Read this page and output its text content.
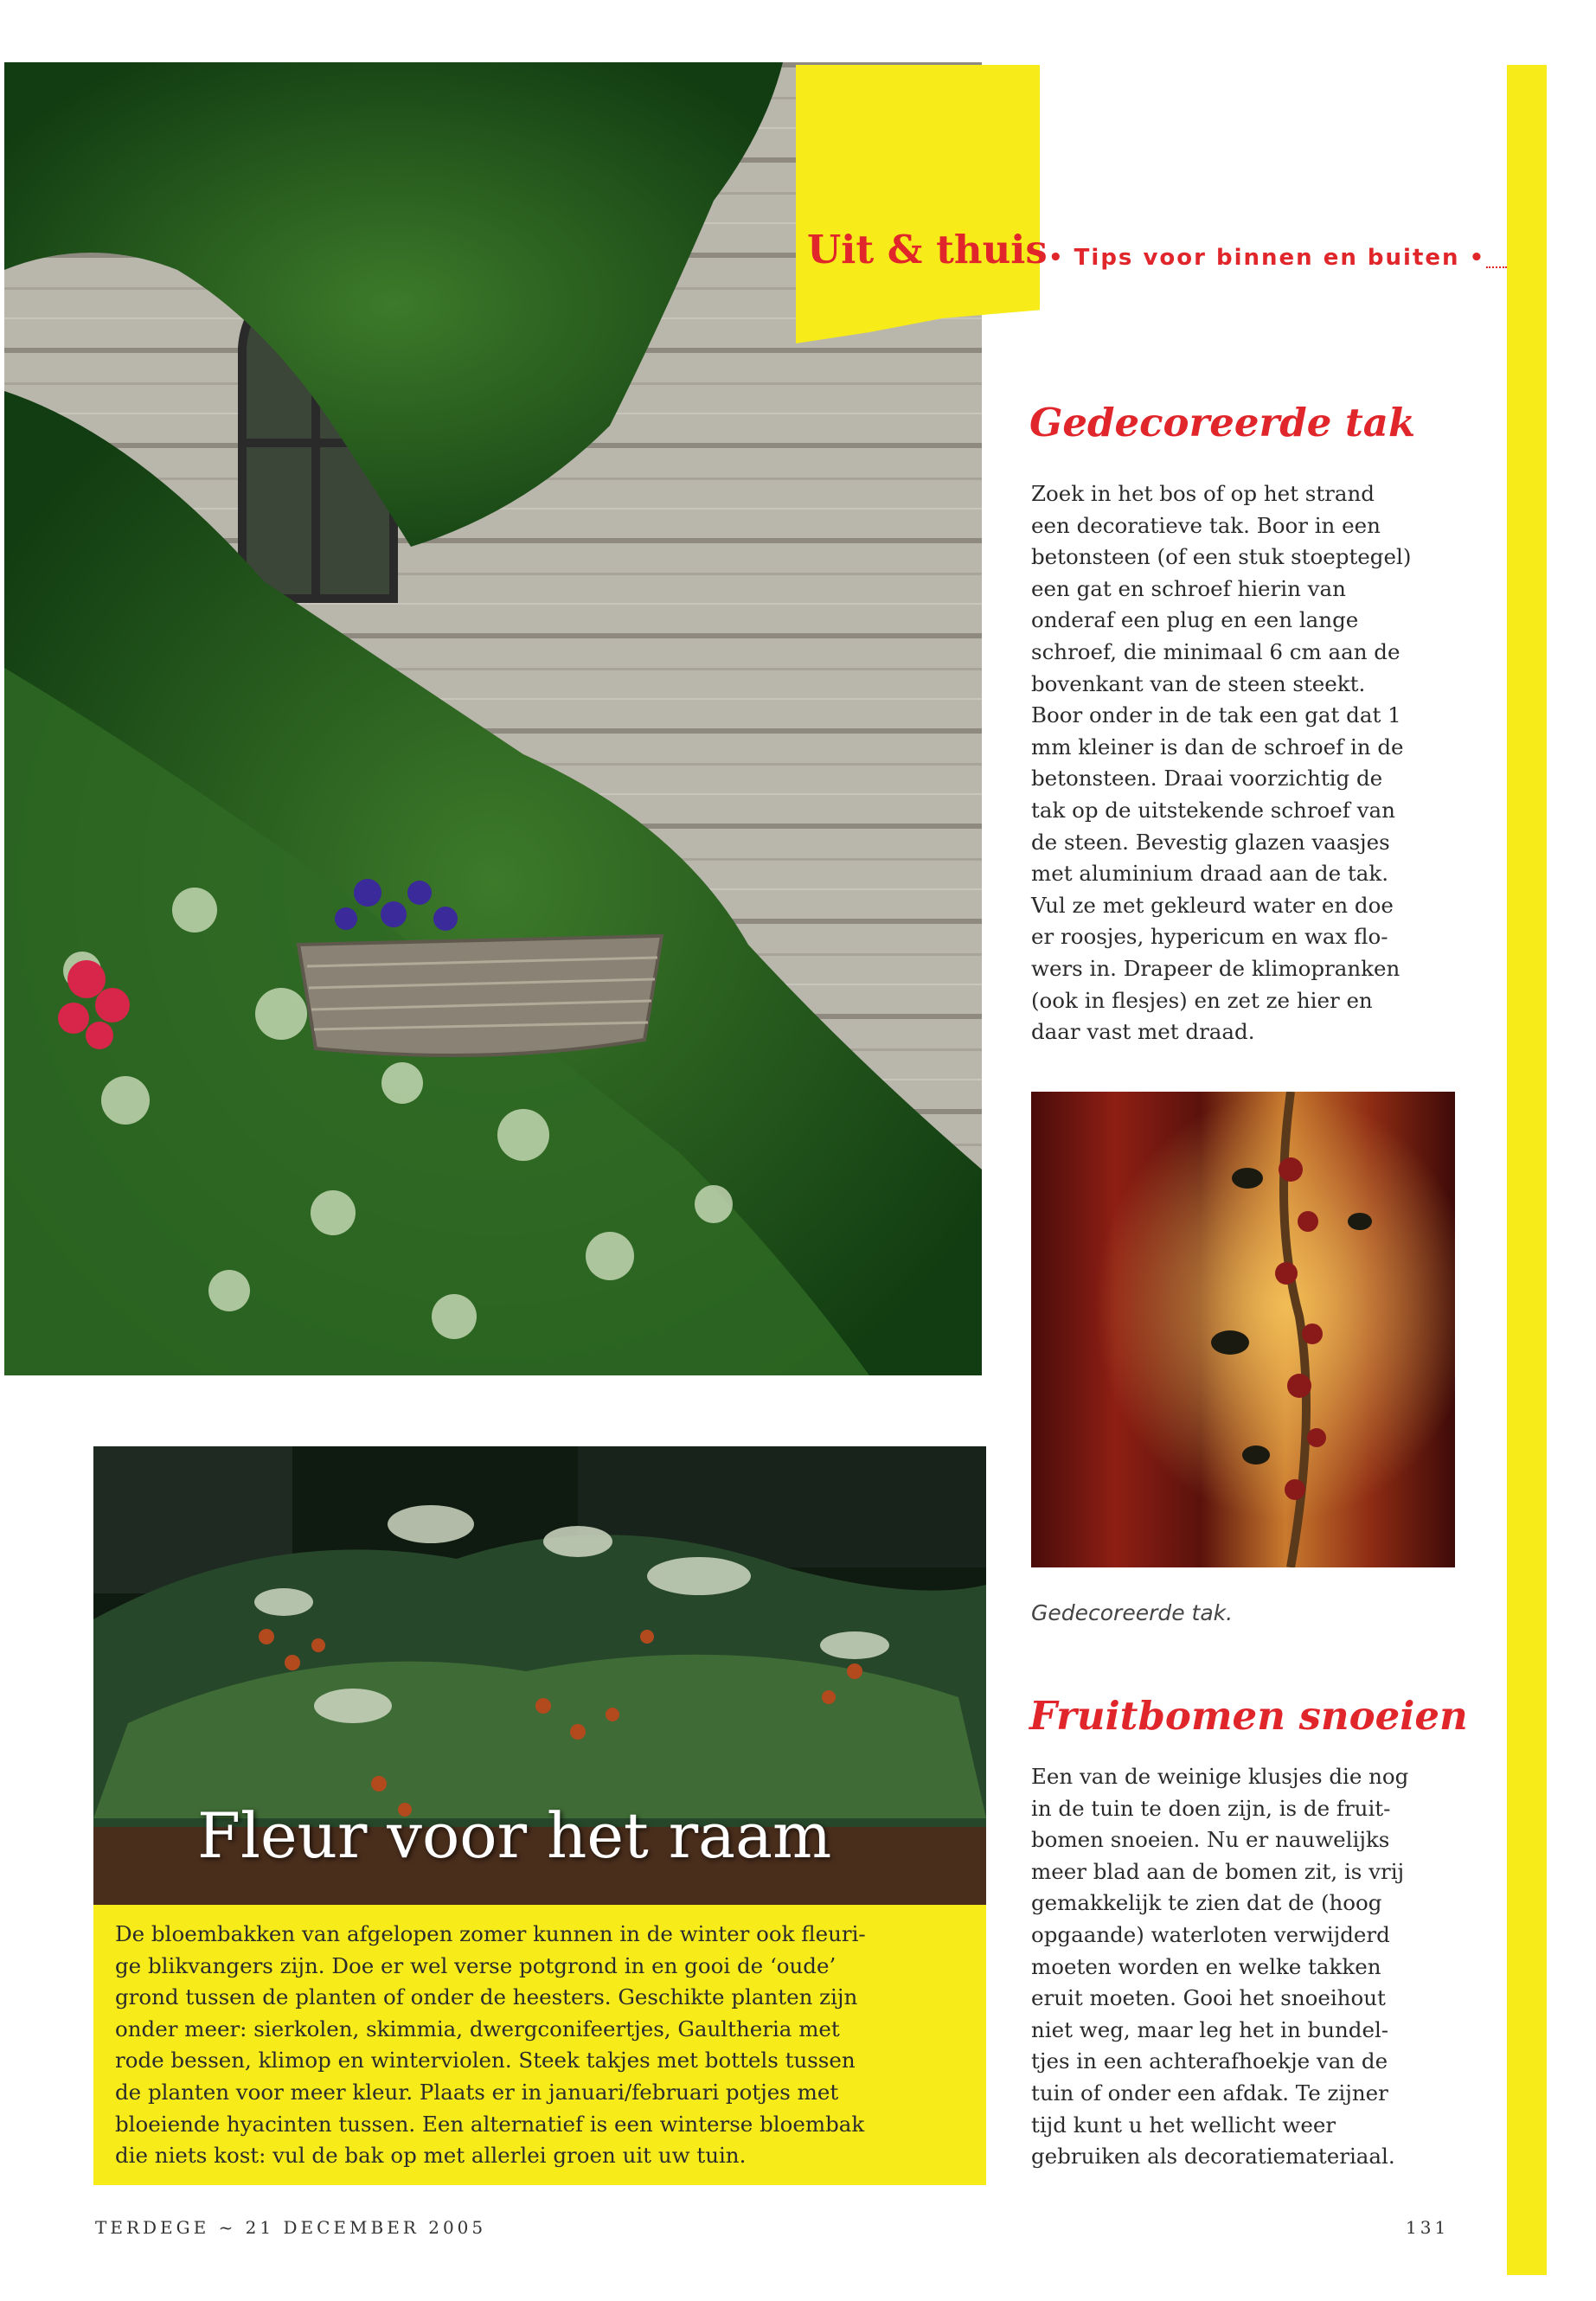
Uit & thuis • Tips voor binnen en buiten •
Gedecoreerde tak
Zoek in het bos of op het strand
een decoratieve tak. Boor in een
betonsteen (of een stuk stoeptegel)
een gat en schroef hierin van
onderaf een plug en een lange
schroef, die minimaal 6 cm aan de
bovenkant van de steen steekt.
Boor onder in de tak een gat dat 1
mm kleiner is dan de schroef in de
betonsteen. Draai voorzichtig de
tak op de uitstekende schroef van
de steen. Bevestig glazen vaasjes
met aluminium draad aan de tak.
Vul ze met gekleurd water en doe
er roosjes, hypericum en wax flo-
wers in. Drapeer de klimopranken
(ook in flesjes) en zet ze hier en
daar vast met draad.
Gedecoreerde tak.
Fruitbomen snoeien
Een van de weinige klusjes die nog
in de tuin te doen zijn, is de fruit-
bomen snoeien. Nu er nauwelijks
meer blad aan de bomen zit, is vrij
gemakkelijk te zien dat de (hoog
opgaande) waterloten verwijderd
moeten worden en welke takken
eruit moeten. Gooi het snoeihout
niet weg, maar leg het in bundel-
tjes in een achterafhoekje van de
tuin of onder een afdak. Te zijner
tijd kunt u het wellicht weer
gebruiken als decoratiemateriaal.
Fleur voor het raam
De bloembakken van afgelopen zomer kunnen in de winter ook fleuri-
ge blikvangers zijn. Doe er wel verse potgrond in en gooi de ‘oude’
grond tussen de planten of onder de heesters. Geschikte planten zijn
onder meer: sierkolen, skimmia, dwergconifeertjes, Gaultheria met
rode bessen, klimop en winterviolen. Steek takjes met bottels tussen
de planten voor meer kleur. Plaats er in januari/februari potjes met
bloeiende hyacinten tussen. Een alternatief is een winterse bloembak
die niets kost: vul de bak op met allerlei groen uit uw tuin.
TERDEGE ~ 21 DECEMBER 2005	131
